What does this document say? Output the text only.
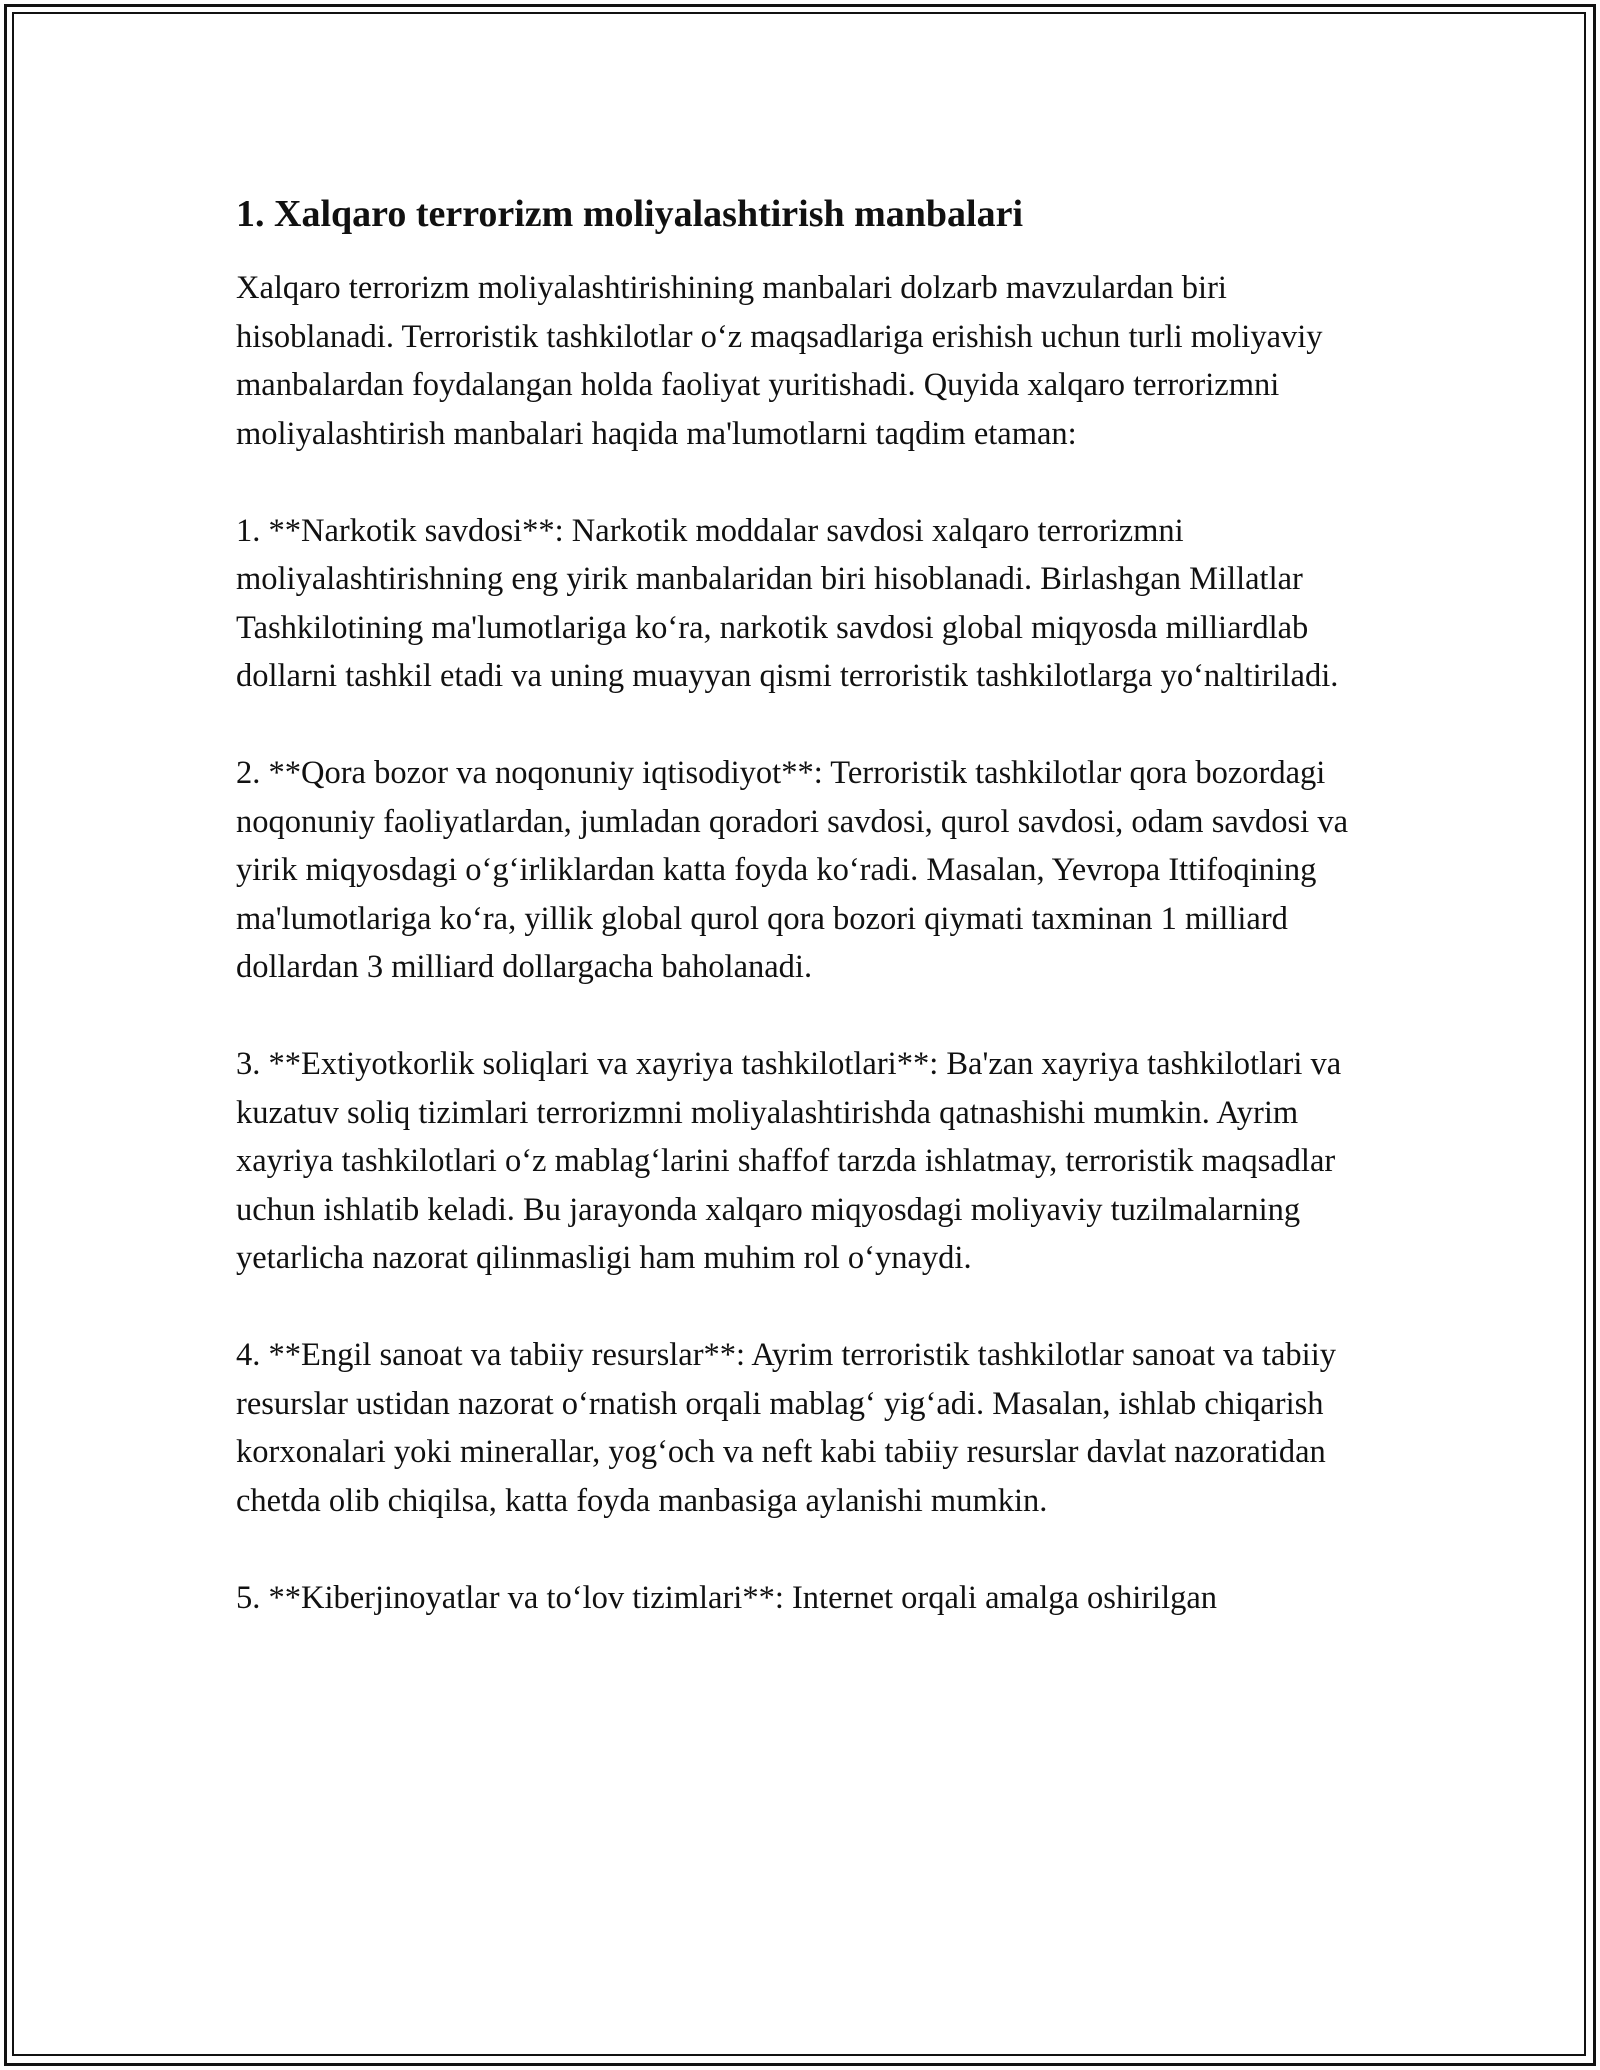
1. Xalqaro terrorizm moliyalashtirish manbalari

Xalqaro terrorizm moliyalashtirishining manbalari dolzarb mavzulardan biri hisoblanadi. Terroristik tashkilotlar o‘z maqsadlariga erishish uchun turli moliyaviy manbalardan foydalangan holda faoliyat yuritishadi. Quyida xalqaro terrorizmni moliyalashtirish manbalari haqida ma'lumotlarni taqdim etaman:

1. **Narkotik savdosi**: Narkotik moddalar savdosi xalqaro terrorizmni moliyalashtirishning eng yirik manbalaridan biri hisoblanadi. Birlashgan Millatlar Tashkilotining ma'lumotlariga ko‘ra, narkotik savdosi global miqyosda milliardlab dollarni tashkil etadi va uning muayyan qismi terroristik tashkilotlarga yo‘naltiriladi.

2. **Qora bozor va noqonuniy iqtisodiyot**: Terroristik tashkilotlar qora bozordagi noqonuniy faoliyatlardan, jumladan qoradori savdosi, qurol savdosi, odam savdosi va yirik miqyosdagi o‘g‘irliklardan katta foyda ko‘radi. Masalan, Yevropa Ittifoqining ma'lumotlariga ko‘ra, yillik global qurol qora bozori qiymati taxminan 1 milliard dollardan 3 milliard dollargacha baholanadi.

3. **Extiyotkorlik soliqlari va xayriya tashkilotlari**: Ba'zan xayriya tashkilotlari va kuzatuv soliq tizimlari terrorizmni moliyalashtirishda qatnashishi mumkin. Ayrim xayriya tashkilotlari o‘z mablag‘larini shaffof tarzda ishlatmay, terroristik maqsadlar uchun ishlatib keladi. Bu jarayonda xalqaro miqyosdagi moliyaviy tuzilmalarning yetarlicha nazorat qilinmasligi ham muhim rol o‘ynaydi.

4. **Engil sanoat va tabiiy resurslar**: Ayrim terroristik tashkilotlar sanoat va tabiiy resurslar ustidan nazorat o‘rnatish orqali mablag‘ yig‘adi. Masalan, ishlab chiqarish korxonalari yoki minerallar, yog‘och va neft kabi tabiiy resurslar davlat nazoratidan chetda olib chiqilsa, katta foyda manbasiga aylanishi mumkin.

5. **Kiberjinoyatlar va to‘lov tizimlari**: Internet orqali amalga oshirilgan
